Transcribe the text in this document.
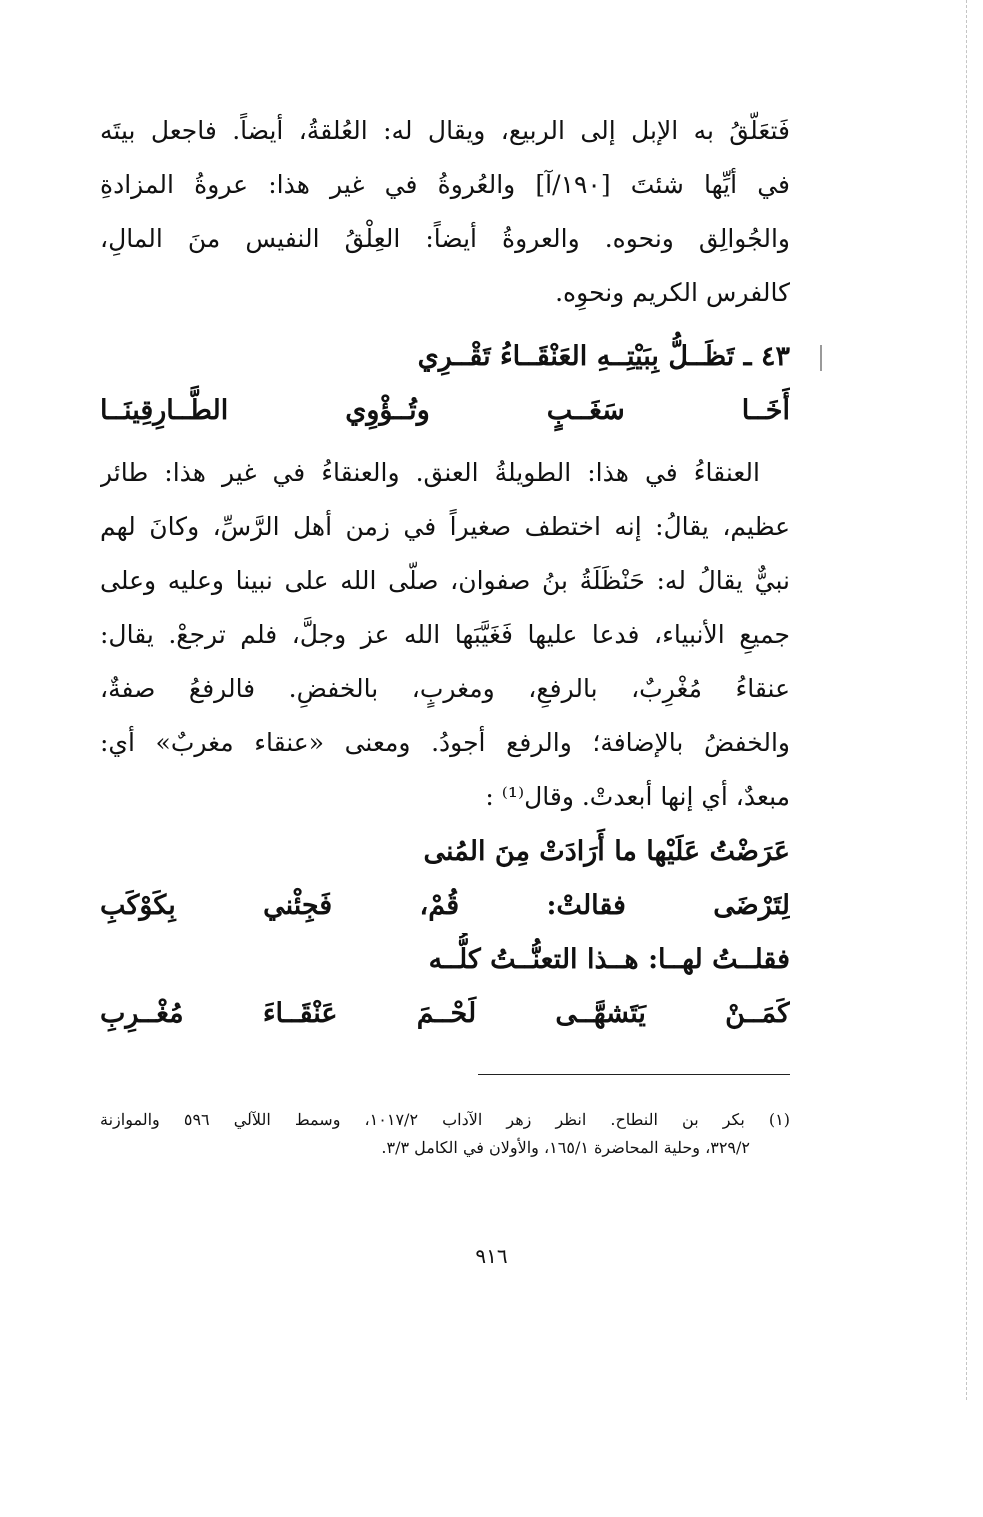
فَتعَلّقُ به الإبل إلى الربيع، ويقال له: العُلقةُ، أيضاً. فاجعل بيتَه
في أيِّها شئتَ [١٩٠/آ] والعُروةُ في غير هذا: عروةُ المزادةِ
والجُوالِق ونحوه. والعروةُ أيضاً: العِلْقُ النفيس منَ المالِ،
كالفرس الكريم ونحوِه.
٤٣ ـ تَظَــلُّ بِبَيْتِــهِ العَنْقَــاءُ تَقْــرِي
أَخَــا سَغَــبٍ وتُــؤْوِي الطَّــارِقِينَــا
العنقاءُ في هذا: الطويلةُ العنق. والعنقاءُ في غير هذا: طائر
عظيم، يقالُ: إنه اختطف صغيراً في زمن أهل الرَّسِّ، وكانَ لهم
نبيٌّ يقالُ له: حَنْظَلَةُ بنُ صفوان، صلّى الله على نبينا وعليه وعلى
جميعِ الأنبياء، فدعا عليها فَغَيَّبَها الله عز وجلَّ، فلم ترجعْ. يقال:
عنقاءُ مُغْرِبٌ، بالرفعِ، ومغربٍ، بالخفضِ. فالرفعُ صفةٌ،
والخفضُ بالإضافة؛ والرفع أجودُ. ومعنى «عنقاء مغربٌ» أي:
مبعدٌ، أي إنها أبعدتْ. وقال⁽¹⁾ :
عَرَضْتُ عَلَيْها ما أَرَادَتْ مِنَ المُنى
لِتَرْضَى فقالتْ: قُمْ، فَجِئْني بِكَوْكَبِ
فقلــتُ لهــا: هــذا التعنُّــتُ كلُّــه
كَمَــنْ يَتَشهَّــى لَحْــمَ عَنْقَــاءَ مُغْــرِبِ
(١) بكر بن النطاح. انظر زهر الآداب ١٠١٧/٢، وسمط اللآلي ٥٩٦ والموازنة
٣٢٩/٢، وحلية المحاضرة ١٦٥/١، والأولان في الكامل ٣/٣.
٩١٦
